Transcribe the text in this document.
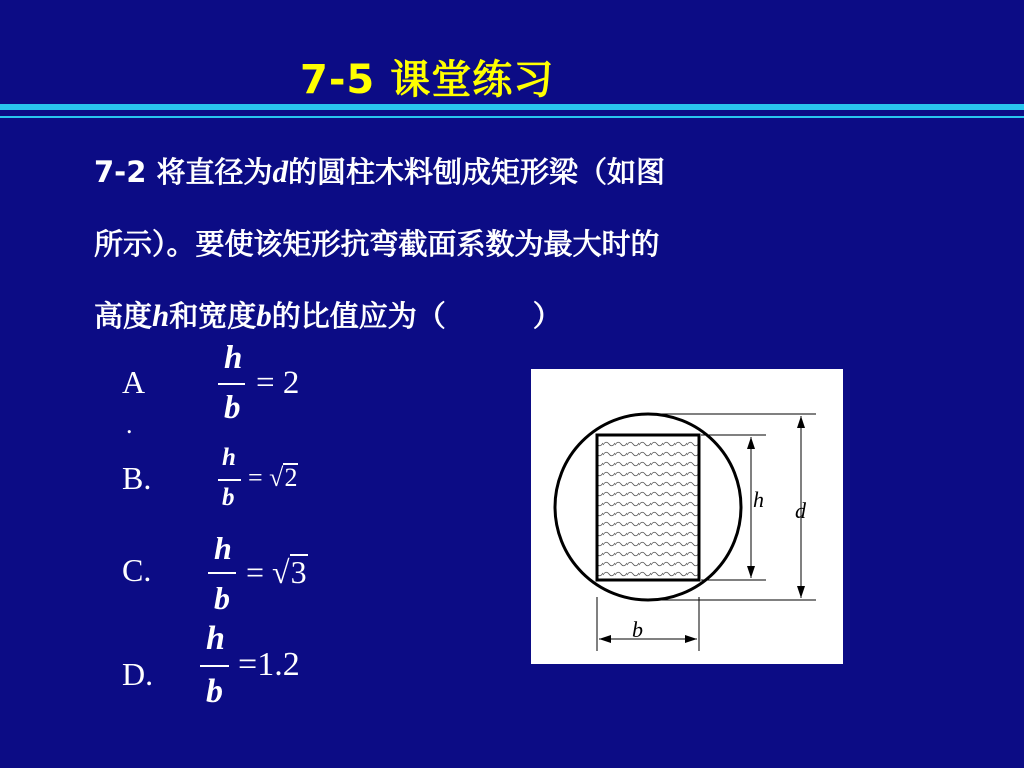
7-5 课堂练习
7-2 将直径为d的圆柱木料刨成矩形梁（如图
所示）。要使该矩形抗弯截面系数为最大时的
高度h和宽度b的比值应为（　　　）
A
.
h
b
= 2
B.
h
b
= √ 2
C.
h
b
= √ 3
D.
h
b
=1.2
h d
b
